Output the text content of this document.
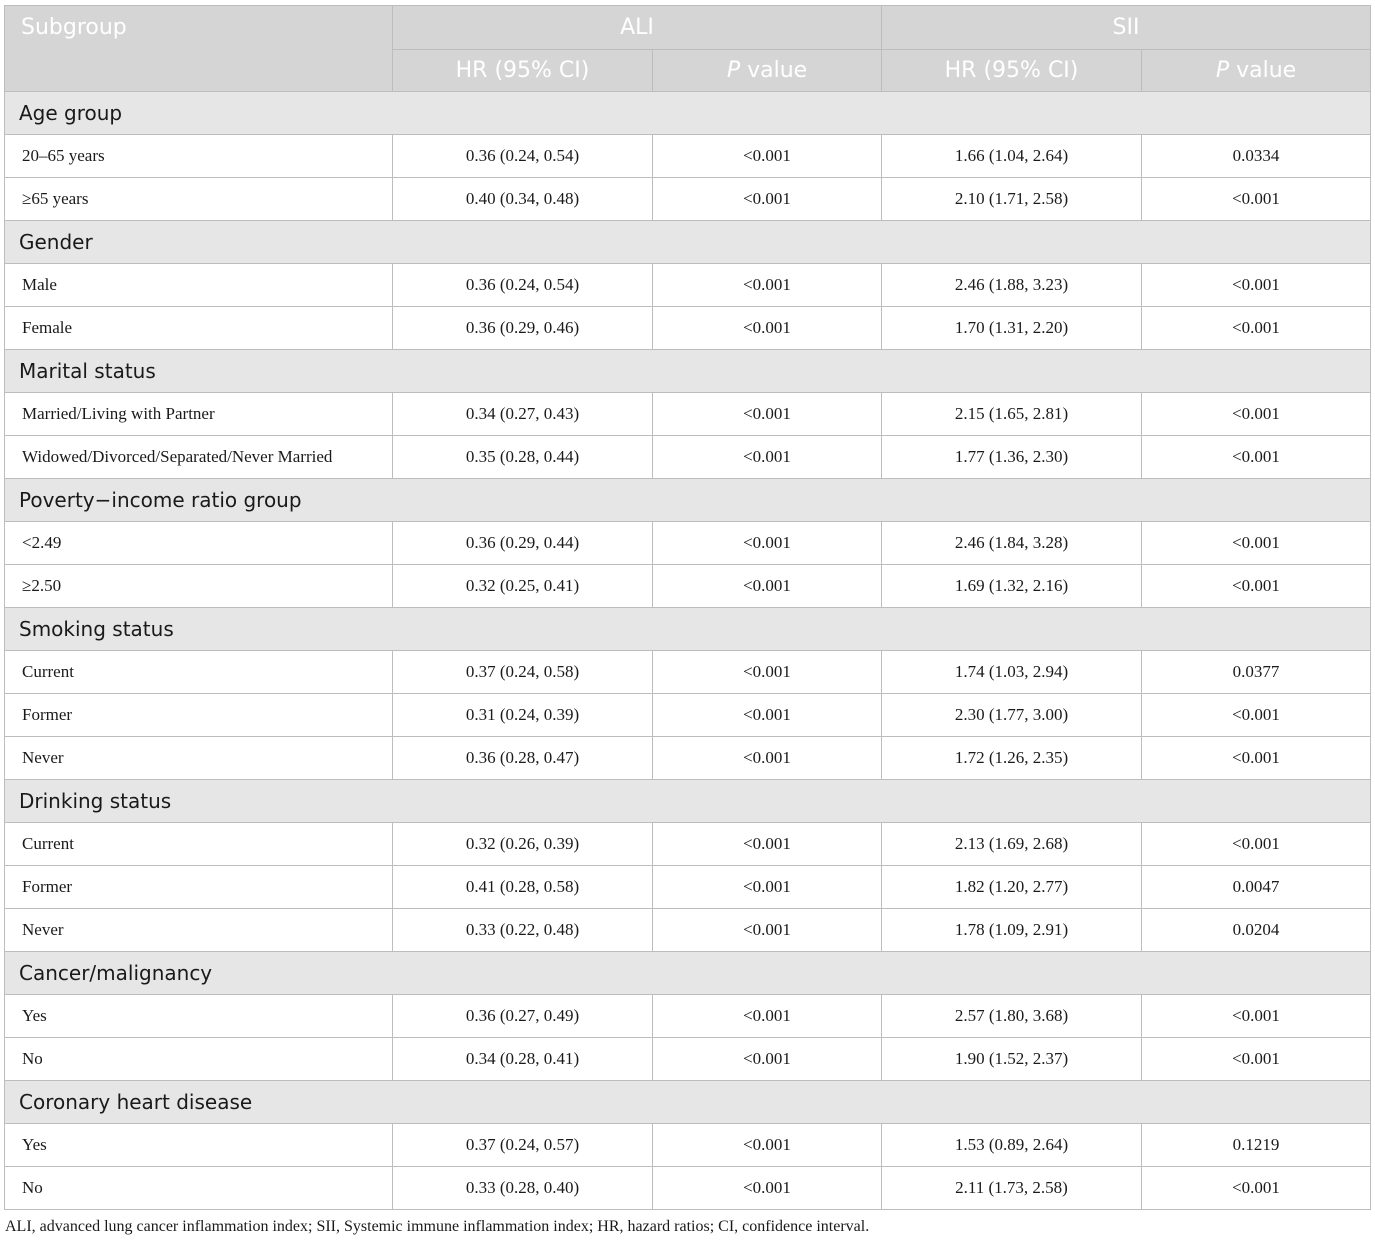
Subgroup	ALI		SII	
	HR (95% CI)	P value	HR (95% CI)	P value
Age group				
20–65 years	0.36 (0.24, 0.54)	<0.001	1.66 (1.04, 2.64)	0.0334
≥65 years	0.40 (0.34, 0.48)	<0.001	2.10 (1.71, 2.58)	<0.001
Gender				
Male	0.36 (0.24, 0.54)	<0.001	2.46 (1.88, 3.23)	<0.001
Female	0.36 (0.29, 0.46)	<0.001	1.70 (1.31, 2.20)	<0.001
Marital status				
Married/Living with Partner	0.34 (0.27, 0.43)	<0.001	2.15 (1.65, 2.81)	<0.001
Widowed/Divorced/Separated/Never Married	0.35 (0.28, 0.44)	<0.001	1.77 (1.36, 2.30)	<0.001
Poverty−income ratio group				
<2.49	0.36 (0.29, 0.44)	<0.001	2.46 (1.84, 3.28)	<0.001
≥2.50	0.32 (0.25, 0.41)	<0.001	1.69 (1.32, 2.16)	<0.001
Smoking status				
Current	0.37 (0.24, 0.58)	<0.001	1.74 (1.03, 2.94)	0.0377
Former	0.31 (0.24, 0.39)	<0.001	2.30 (1.77, 3.00)	<0.001
Never	0.36 (0.28, 0.47)	<0.001	1.72 (1.26, 2.35)	<0.001
Drinking status				
Current	0.32 (0.26, 0.39)	<0.001	2.13 (1.69, 2.68)	<0.001
Former	0.41 (0.28, 0.58)	<0.001	1.82 (1.20, 2.77)	0.0047
Never	0.33 (0.22, 0.48)	<0.001	1.78 (1.09, 2.91)	0.0204
Cancer/malignancy				
Yes	0.36 (0.27, 0.49)	<0.001	2.57 (1.80, 3.68)	<0.001
No	0.34 (0.28, 0.41)	<0.001	1.90 (1.52, 2.37)	<0.001
Coronary heart disease				
Yes	0.37 (0.24, 0.57)	<0.001	1.53 (0.89, 2.64)	0.1219
No	0.33 (0.28, 0.40)	<0.001	2.11 (1.73, 2.58)	<0.001
ALI, advanced lung cancer inflammation index; SII, Systemic immune inflammation index; HR, hazard ratios; CI, confidence interval.
